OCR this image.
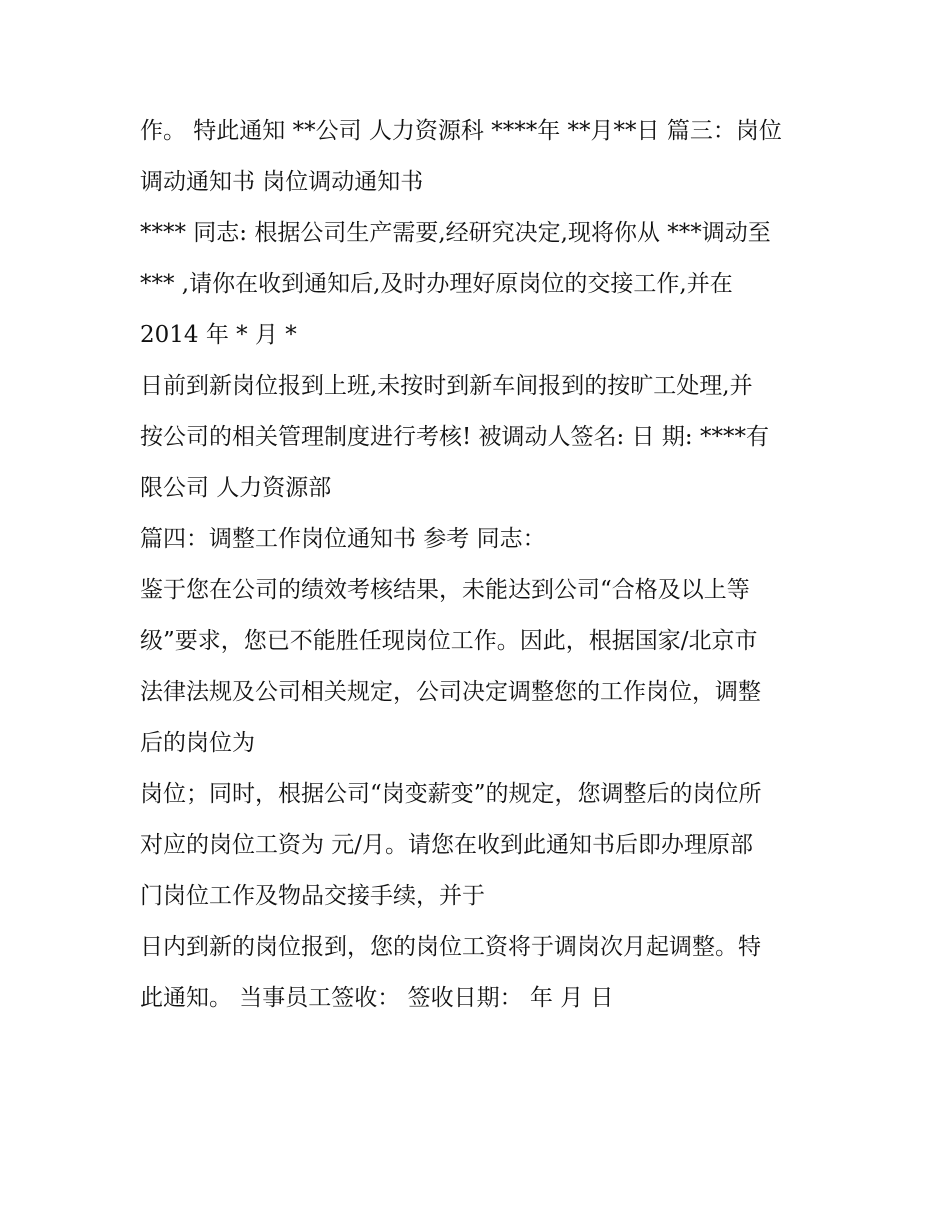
作。 特此通知 **公司 人力资源科 ****年 **月**日 篇三：岗位
调动通知书 岗位调动通知书
**** 同志: 根据公司生产需要,经研究决定,现将你从 ***调动至
*** ,请你在收到通知后,及时办理好原岗位的交接工作,并在
2014 年 * 月 *
日前到新岗位报到上班,未按时到新车间报到的按旷工处理,并
按公司的相关管理制度进行考核! 被调动人签名: 日 期: ****有
限公司 人力资源部
篇四：调整工作岗位通知书 参考 同志：
鉴于您在公司的绩效考核结果，未能达到公司“合格及以上等
级”要求，您已不能胜任现岗位工作。因此，根据国家/北京市
法律法规及公司相关规定，公司决定调整您的工作岗位，调整
后的岗位为
岗位；同时，根据公司“岗变薪变”的规定，您调整后的岗位所
对应的岗位工资为 元/月。请您在收到此通知书后即办理原部
门岗位工作及物品交接手续，并于
日内到新的岗位报到，您的岗位工资将于调岗次月起调整。特
此通知。 当事员工签收： 签收日期： 年 月 日
